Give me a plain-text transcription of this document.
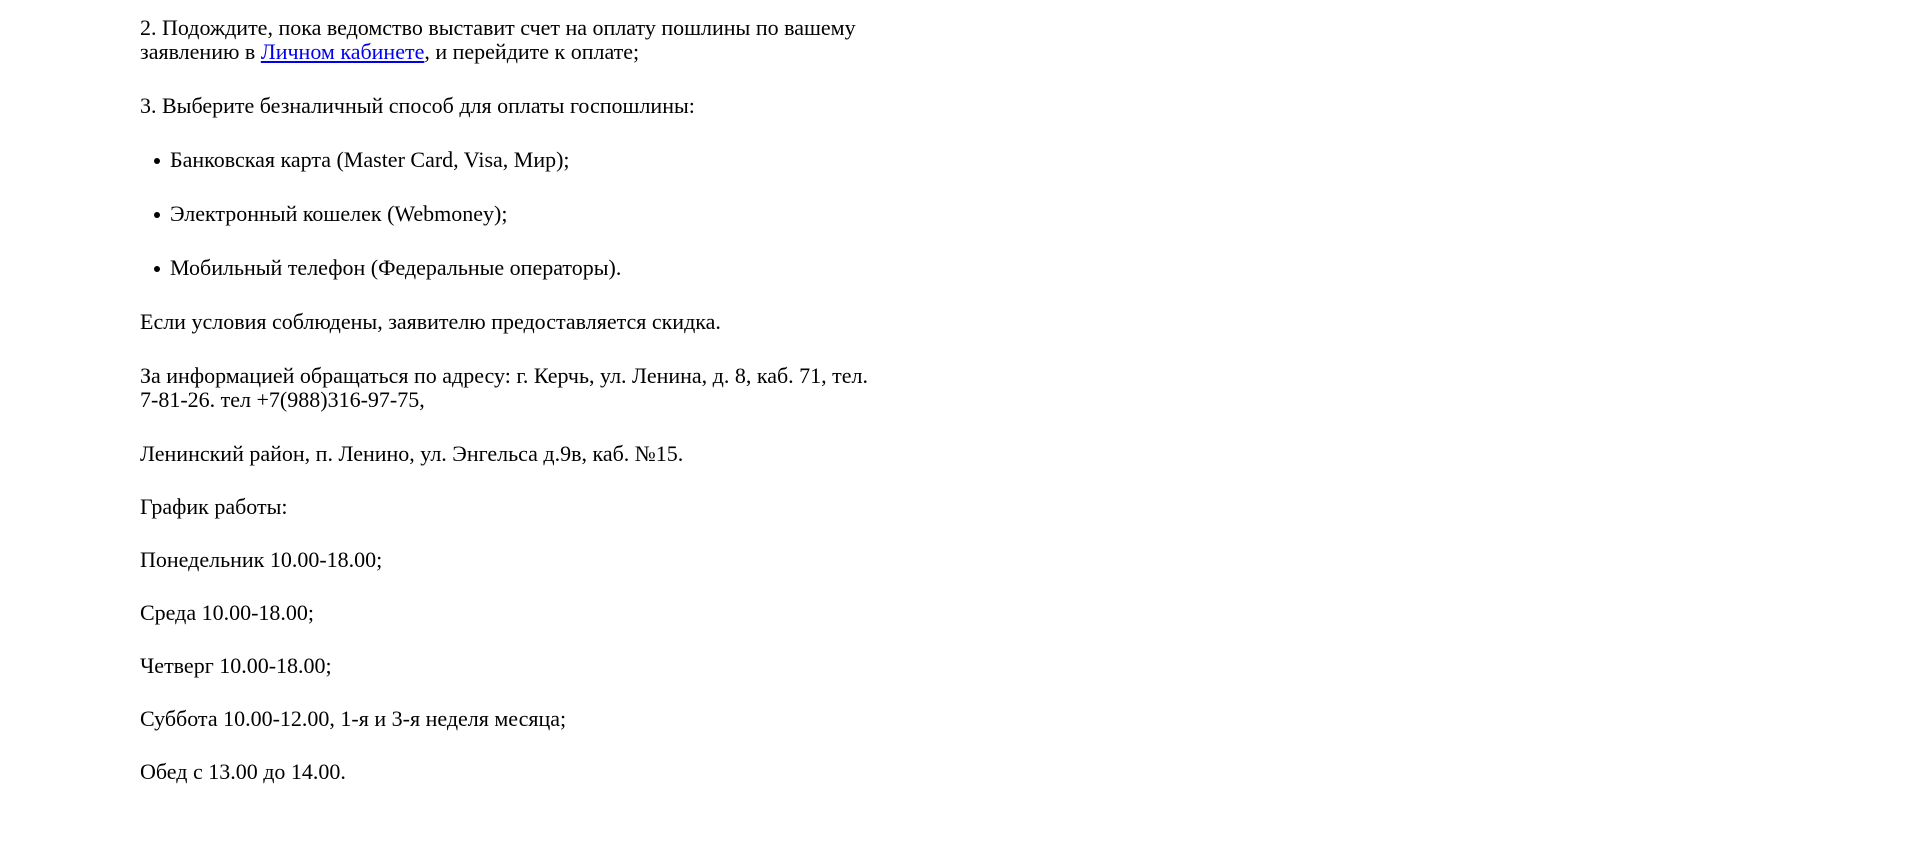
2. Подождите, пока ведомство выставит счет на оплату пошлины по вашему
заявлению в Личном кабинете, и перейдите к оплате;

3. Выберите безналичный способ для оплаты госпошлины:

Банковская карта (Master Card, Visa, Мир);
Электронный кошелек (Webmoney);
Мобильный телефон (Федеральные операторы).

Если условия соблюдены, заявителю предоставляется скидка.

За информацией обращаться по адресу: г. Керчь, ул. Ленина, д. 8, каб. 71, тел.
7-81-26. тел +7(988)316-97-75,

Ленинский район, п. Ленино, ул. Энгельса д.9в, каб. №15.

График работы:

Понедельник 10.00-18.00;

Среда 10.00-18.00;

Четверг 10.00-18.00;

Суббота 10.00-12.00, 1-я и 3-я неделя месяца;

Обед с 13.00 до 14.00.
